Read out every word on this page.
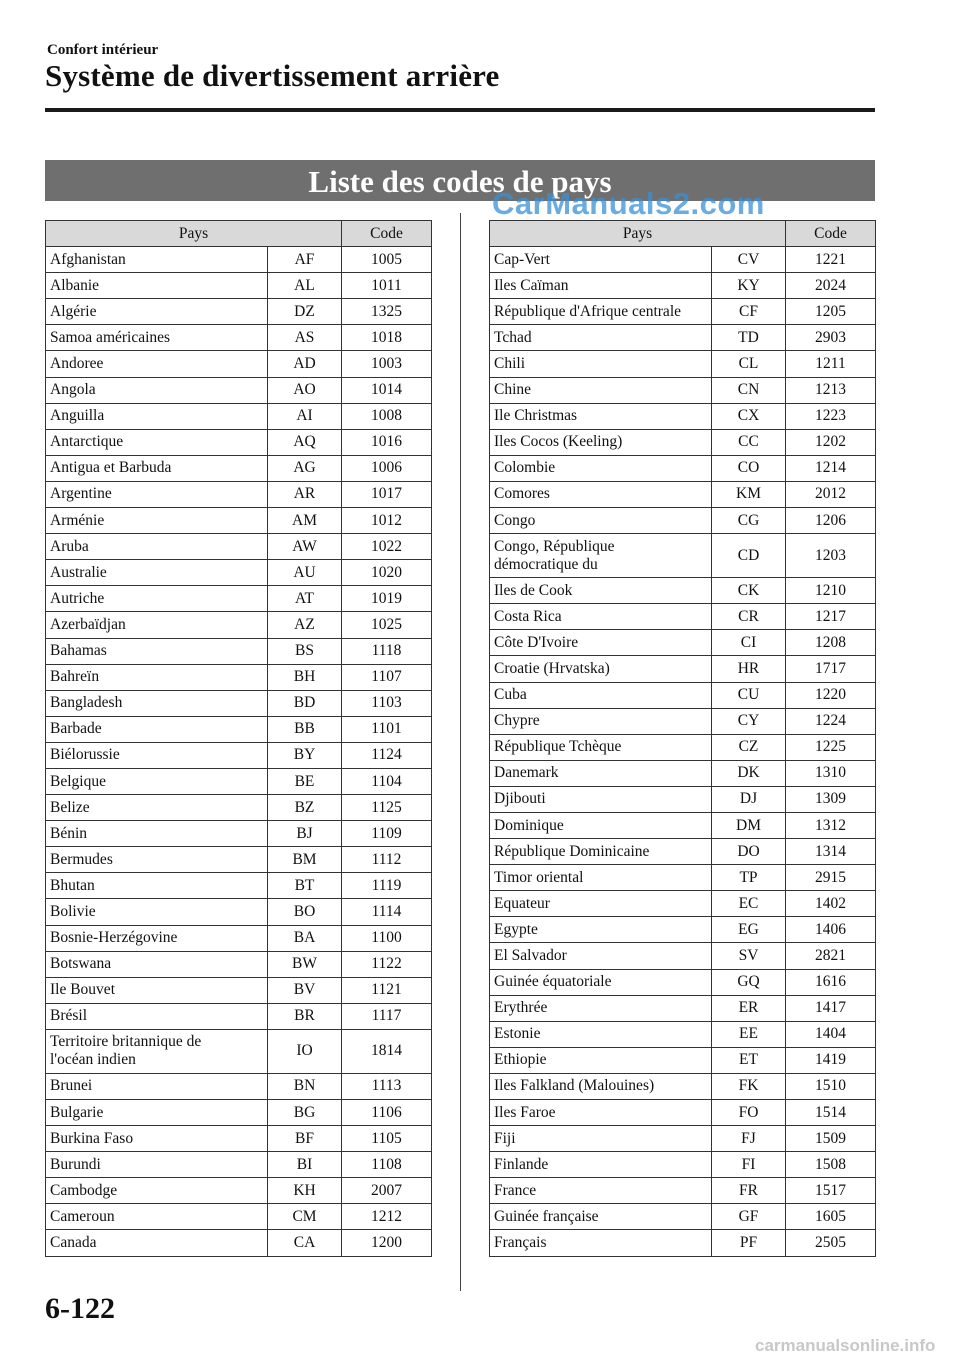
Confort intérieur
Système de divertissement arrière
Liste des codes de pays
CarManuals2.com
Pays		Code
Afghanistan	AF	1005
Albanie	AL	1011
Algérie	DZ	1325
Samoa américaines	AS	1018
Andoree	AD	1003
Angola	AO	1014
Anguilla	AI	1008
Antarctique	AQ	1016
Antigua et Barbuda	AG	1006
Argentine	AR	1017
Arménie	AM	1012
Aruba	AW	1022
Australie	AU	1020
Autriche	AT	1019
Azerbaïdjan	AZ	1025
Bahamas	BS	1118
Bahreïn	BH	1107
Bangladesh	BD	1103
Barbade	BB	1101
Biélorussie	BY	1124
Belgique	BE	1104
Belize	BZ	1125
Bénin	BJ	1109
Bermudes	BM	1112
Bhutan	BT	1119
Bolivie	BO	1114
Bosnie-Herzégovine	BA	1100
Botswana	BW	1122
Ile Bouvet	BV	1121
Brésil	BR	1117
Territoire britannique de
l'océan indien	IO	1814
Brunei	BN	1113
Bulgarie	BG	1106
Burkina Faso	BF	1105
Burundi	BI	1108
Cambodge	KH	2007
Cameroun	CM	1212
Canada	CA	1200
Pays		Code
Cap-Vert	CV	1221
Iles Caïman	KY	2024
République d'Afrique centrale	CF	1205
Tchad	TD	2903
Chili	CL	1211
Chine	CN	1213
Ile Christmas	CX	1223
Iles Cocos (Keeling)	CC	1202
Colombie	CO	1214
Comores	KM	2012
Congo	CG	1206
Congo, République
démocratique du	CD	1203
Iles de Cook	CK	1210
Costa Rica	CR	1217
Côte D'Ivoire	CI	1208
Croatie (Hrvatska)	HR	1717
Cuba	CU	1220
Chypre	CY	1224
République Tchèque	CZ	1225
Danemark	DK	1310
Djibouti	DJ	1309
Dominique	DM	1312
République Dominicaine	DO	1314
Timor oriental	TP	2915
Equateur	EC	1402
Egypte	EG	1406
El Salvador	SV	2821
Guinée équatoriale	GQ	1616
Erythrée	ER	1417
Estonie	EE	1404
Ethiopie	ET	1419
Iles Falkland (Malouines)	FK	1510
Iles Faroe	FO	1514
Fiji	FJ	1509
Finlande	FI	1508
France	FR	1517
Guinée française	GF	1605
Français	PF	2505
6-122
carmanualsonline.info
